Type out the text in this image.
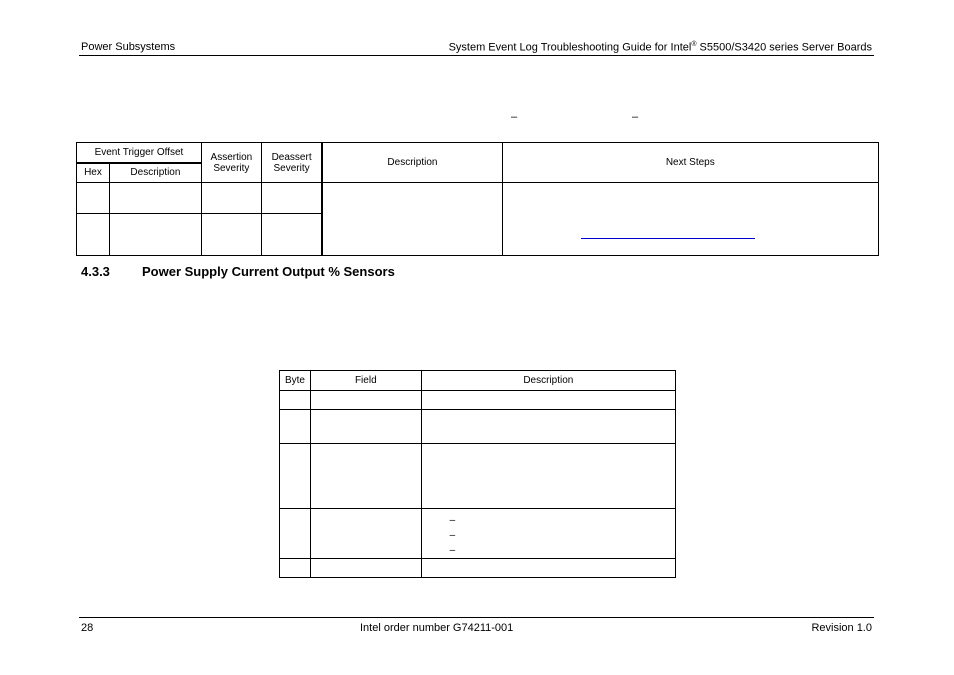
Power Subsystems	System Event Log Troubleshooting Guide for Intel® S5500/S3420 series Server Boards
–	–
Event Trigger Offset		Assertion Severity	Deassert Severity	Description	Next Steps
Hex	Description				

4.3.3 Power Supply Current Output % Sensors
Byte	Field	Description

		–
–
–

28	Intel order number G74211-001	Revision 1.0
